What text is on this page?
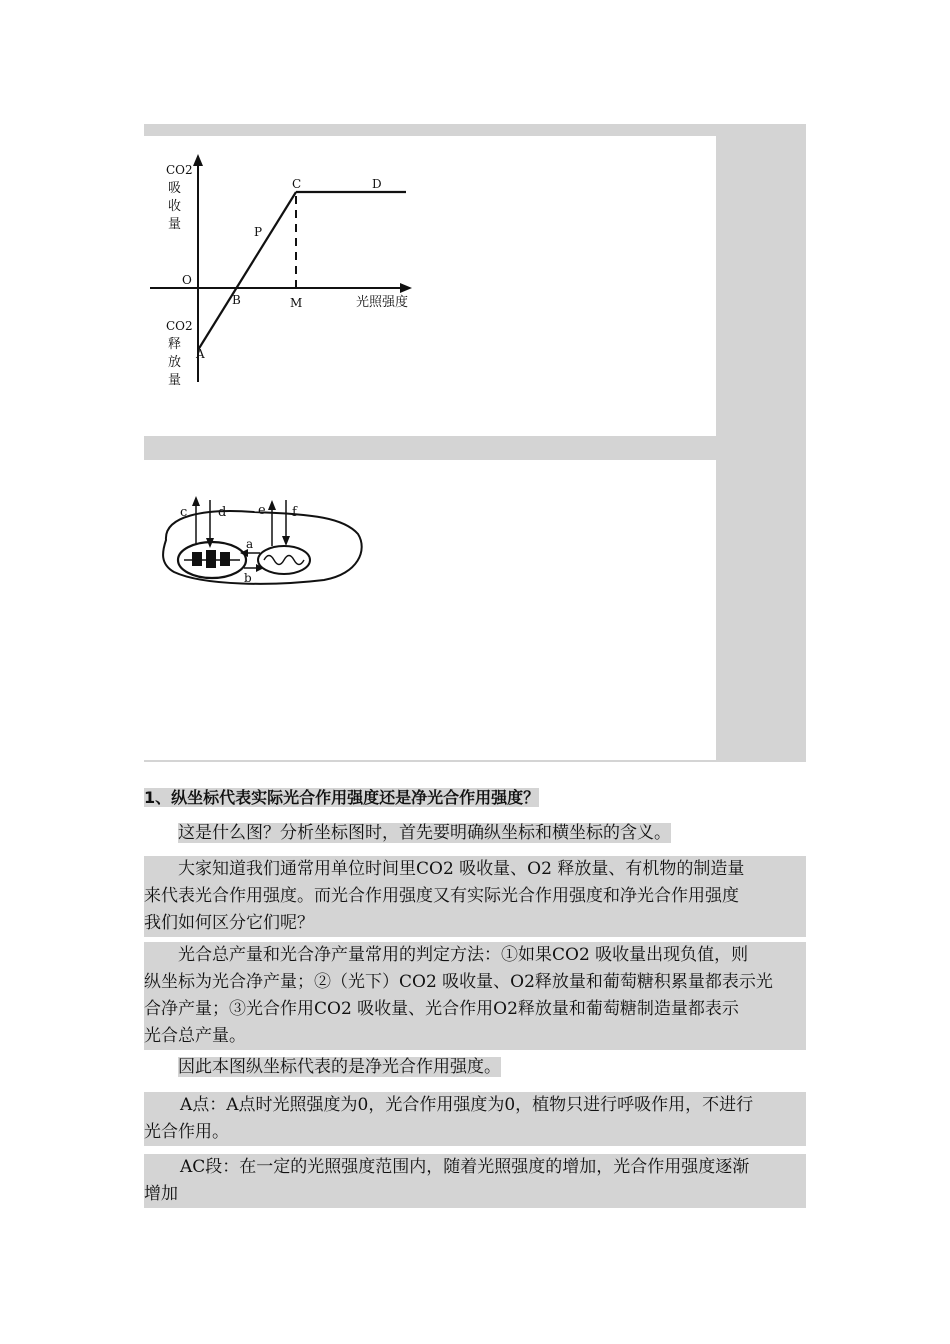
CO2
吸
收
量
CO2
释
放
量
O
A
B
C	D
P
M	光照强度
c d e f
a
b

1、纵坐标代表实际光合作用强度还是净光合作用强度？

这是什么图？分析坐标图时，首先要明确纵坐标和横坐标的含义。

大家知道我们通常用单位时间里CO2 吸收量、O2 释放量、有机物的制造量

来代表光合作用强度。而光合作用强度又有实际光合作用强度和净光合作用强度

我们如何区分它们呢？

光合总产量和光合净产量常用的判定方法：①如果CO2 吸收量出现负值，则

纵坐标为光合净产量；②（光下）CO2 吸收量、O2释放量和葡萄糖积累量都表示光

合净产量；③光合作用CO2 吸收量、光合作用O2释放量和葡萄糖制造量都表示

光合总产量。

因此本图纵坐标代表的是净光合作用强度。

A点：A点时光照强度为0，光合作用强度为0，植物只进行呼吸作用，不进行

光合作用。

AC段：在一定的光照强度范围内，随着光照强度的增加，光合作用强度逐渐

增加
